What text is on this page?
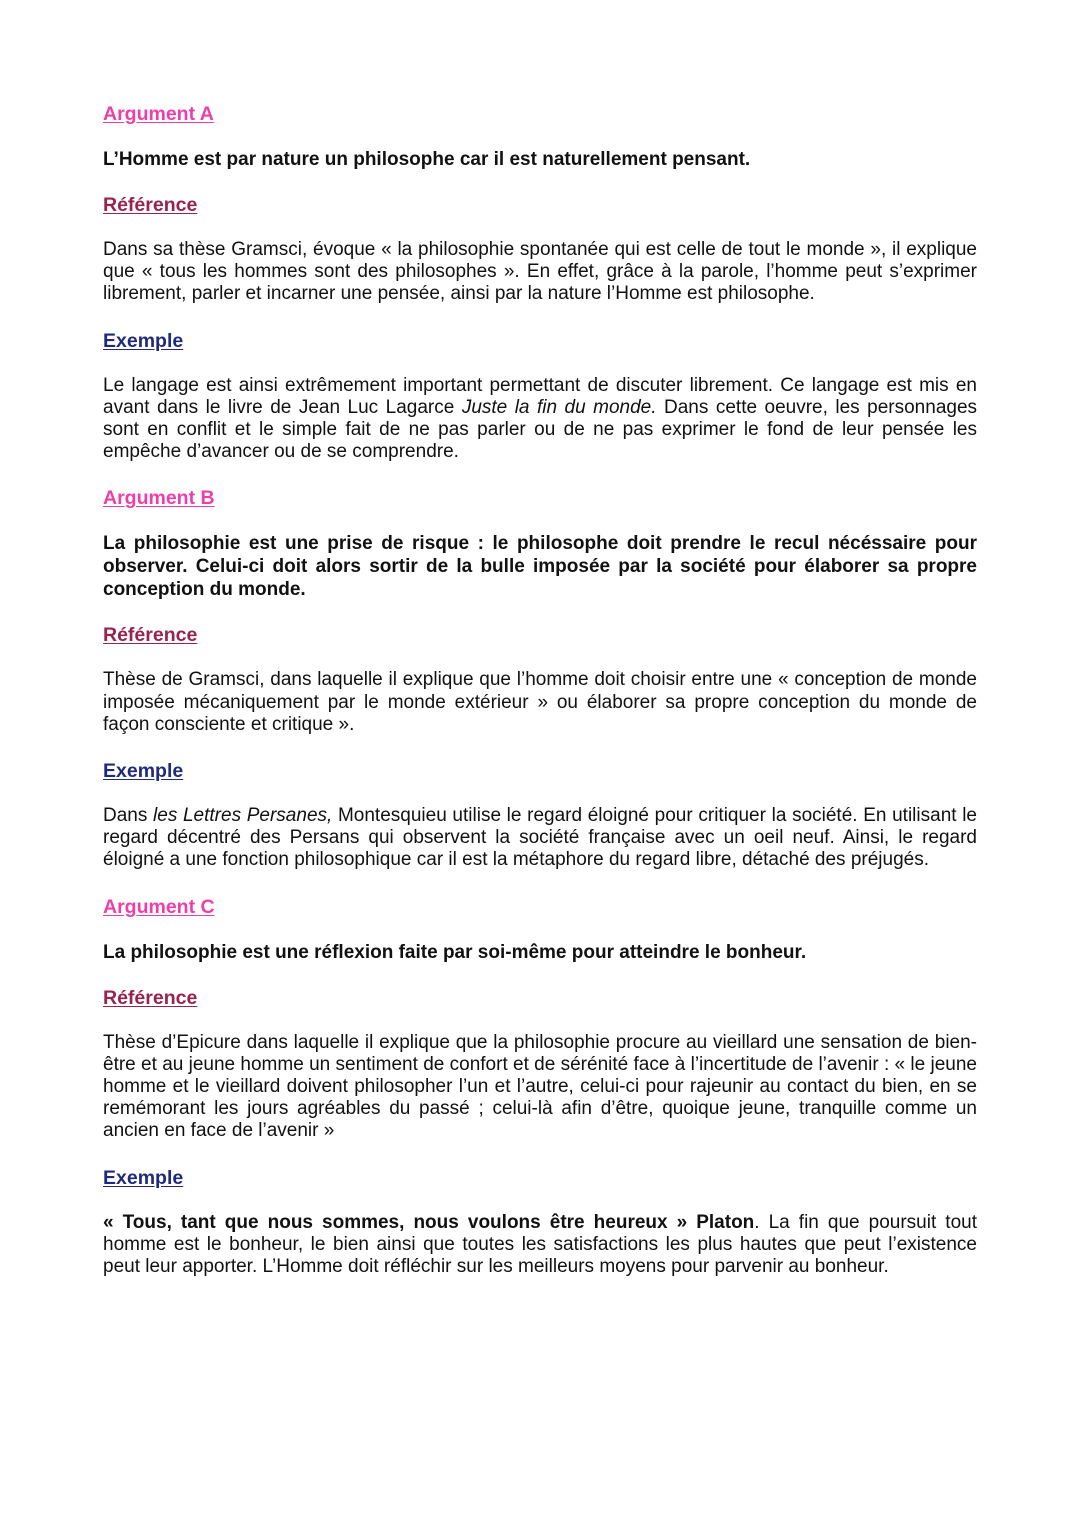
Argument A

L’Homme est par nature un philosophe car il est naturellement pensant.

Référence

Dans sa thèse Gramsci, évoque « la philosophie spontanée qui est celle de tout le monde », il explique que « tous les hommes sont des philosophes ». En effet, grâce à la parole, l’homme peut s’exprimer librement, parler et incarner une pensée, ainsi par la nature l’Homme est philosophe.

Exemple

Le langage est ainsi extrêmement important permettant de discuter librement. Ce langage est mis en avant dans le livre de Jean Luc Lagarce Juste la fin du monde. Dans cette oeuvre, les personnages sont en conflit et le simple fait de ne pas parler ou de ne pas exprimer le fond de leur pensée les empêche d’avancer ou de se comprendre.

Argument B

La philosophie est une prise de risque : le philosophe doit prendre le recul nécéssaire pour observer. Celui-ci doit alors sortir de la bulle imposée par la société pour élaborer sa propre conception du monde.

Référence

Thèse de Gramsci, dans laquelle il explique que l’homme doit choisir entre une « conception de monde imposée mécaniquement par le monde extérieur » ou élaborer sa propre conception du monde de façon consciente et critique ».

Exemple

Dans les Lettres Persanes, Montesquieu utilise le regard éloigné pour critiquer la société. En utilisant le regard décentré des Persans qui observent la société française avec un oeil neuf. Ainsi, le regard éloigné a une fonction philosophique car il est la métaphore du regard libre, détaché des préjugés.

Argument C

La philosophie est une réflexion faite par soi-même pour atteindre le bonheur.

Référence

Thèse d’Epicure dans laquelle il explique que la philosophie procure au vieillard une sensation de bien-être et au jeune homme un sentiment de confort et de sérénité face à l’incertitude de l’avenir : « le jeune homme et le vieillard doivent philosopher l’un et l’autre, celui-ci pour rajeunir au contact du bien, en se remémorant les jours agréables du passé ; celui-là afin d’être, quoique jeune, tranquille comme un ancien en face de l’avenir »

Exemple

« Tous, tant que nous sommes, nous voulons être heureux » Platon. La fin que poursuit tout homme est le bonheur, le bien ainsi que toutes les satisfactions les plus hautes que peut l’existence peut leur apporter. L’Homme doit réfléchir sur les meilleurs moyens pour parvenir au bonheur.
